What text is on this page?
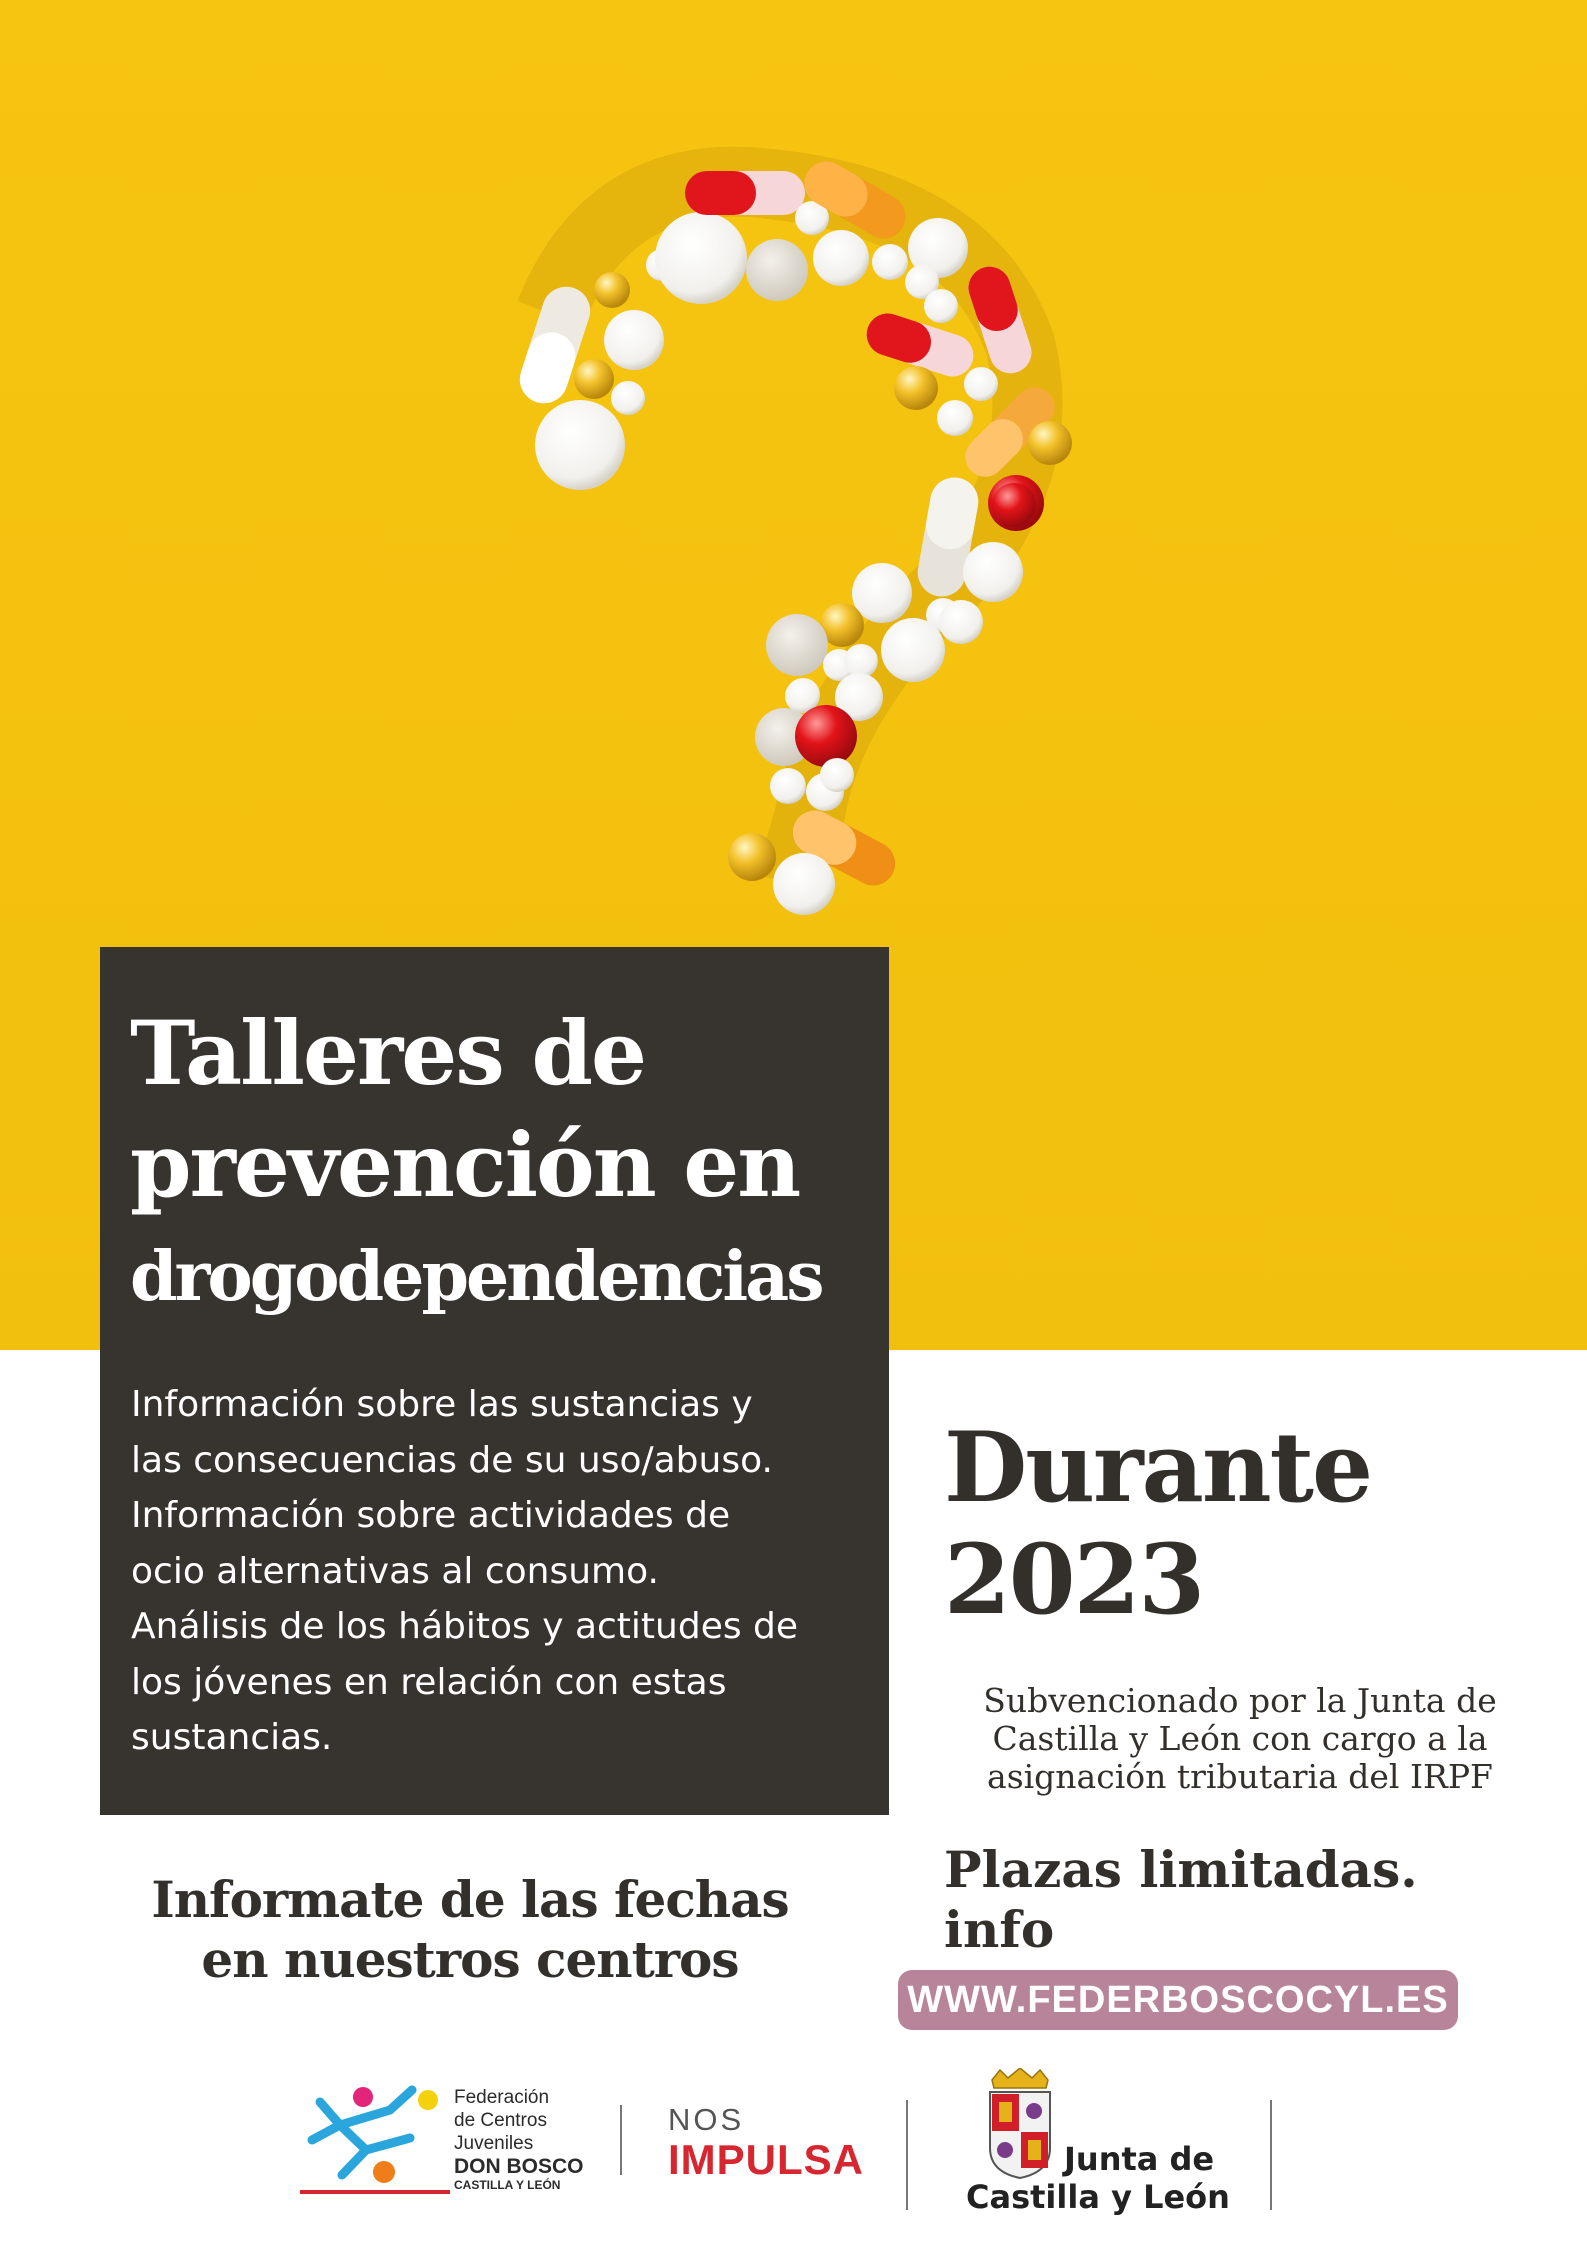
Talleres de
prevención en
drogodependencias
Información sobre las sustancias y
las consecuencias de su uso/abuso.
Información sobre actividades de
ocio alternativas al consumo.
Análisis de los hábitos y actitudes de
los jóvenes en relación con estas
sustancias.
Durante
2023
Subvencionado por la Junta de
Castilla y León con cargo a la
asignación tributaria del IRPF
Informate de las fechas
en nuestros centros
Plazas limitadas.
info
WWW.FEDERBOSCOCYL.ES
Federación
de Centros
Juveniles
DON BOSCO
CASTILLA Y LEÓN
NOS
IMPULSA	Junta de
Castilla y León
